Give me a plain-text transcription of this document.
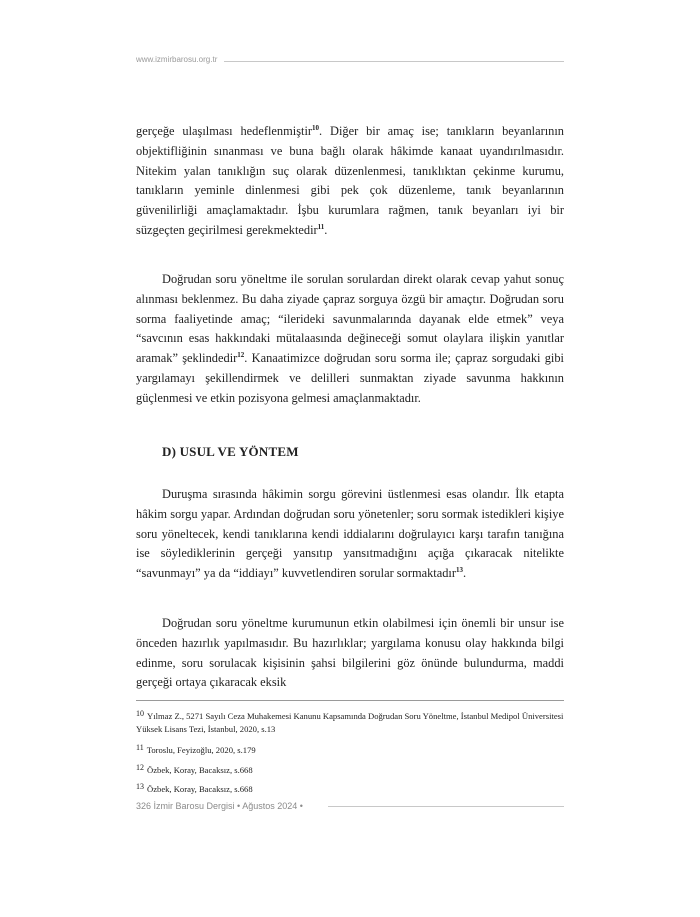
www.izmirbarosu.org.tr

gerçeğe ulaşılması hedeflenmiştir$^{10}$. Diğer bir amaç ise; tanıkların beyanlarının objektifliğinin sınanması ve buna bağlı olarak hâkimde kanaat uyandırılmasıdır. Nitekim yalan tanıklığın suç olarak düzenlenmesi, tanıklıktan çekinme kurumu, tanıkların yeminle dinlenmesi gibi pek çok düzenleme, tanık beyanlarının güvenilirliği amaçlamaktadır. İşbu kurumlara rağmen, tanık beyanları iyi bir süzgeçten geçirilmesi gerekmektedir$^{11}$.

Doğrudan soru yöneltme ile sorulan sorulardan direkt olarak cevap yahut sonuç alınması beklenmez. Bu daha ziyade çapraz sorguya özgü bir amaçtır. Doğrudan soru sorma faaliyetinde amaç; “ilerideki savunmalarında dayanak elde etmek” veya “savcının esas hakkındaki mütalaasında değineceği somut olaylara ilişkin yanıtlar aramak” şeklindedir$^{12}$. Kanaatimizce doğrudan soru sorma ile; çapraz sorgudaki gibi yargılamayı şekillendirmek ve delilleri sunmaktan ziyade savunma hakkının güçlenmesi ve etkin pozisyona gelmesi amaçlanmaktadır.

D) USUL VE YÖNTEM

Duruşma sırasında hâkimin sorgu görevini üstlenmesi esas olandır. İlk etapta hâkim sorgu yapar. Ardından doğrudan soru yönetenler; soru sormak istedikleri kişiye soru yöneltecek, kendi tanıklarına kendi iddialarını doğrulayıcı karşı tarafın tanığına ise söylediklerinin gerçeği yansıtıp yansıtmadığını açığa çıkaracak nitelikte “savunmayı” ya da “iddiayı” kuvvetlendiren sorular sormaktadır$^{13}$.

Doğrudan soru yöneltme kurumunun etkin olabilmesi için önemli bir unsur ise önceden hazırlık yapılmasıdır. Bu hazırlıklar; yargılama konusu olay hakkında bilgi edinme, soru sorulacak kişisinin şahsi bilgilerini göz önünde bulundurma, maddi gerçeği ortaya çıkaracak eksik

10 Yılmaz Z., 5271 Sayılı Ceza Muhakemesi Kanunu Kapsamında Doğrudan Soru Yöneltme, İstanbul Medipol Üniversitesi Yüksek Lisans Tezi, İstanbul, 2020, s.13

11 Toroslu, Feyizoğlu, 2020, s.179

12 Özbek, Koray, Bacaksız, s.668

13 Özbek, Koray, Bacaksız, s.668

326 İzmir Barosu Dergisi • Ağustos 2024 •
